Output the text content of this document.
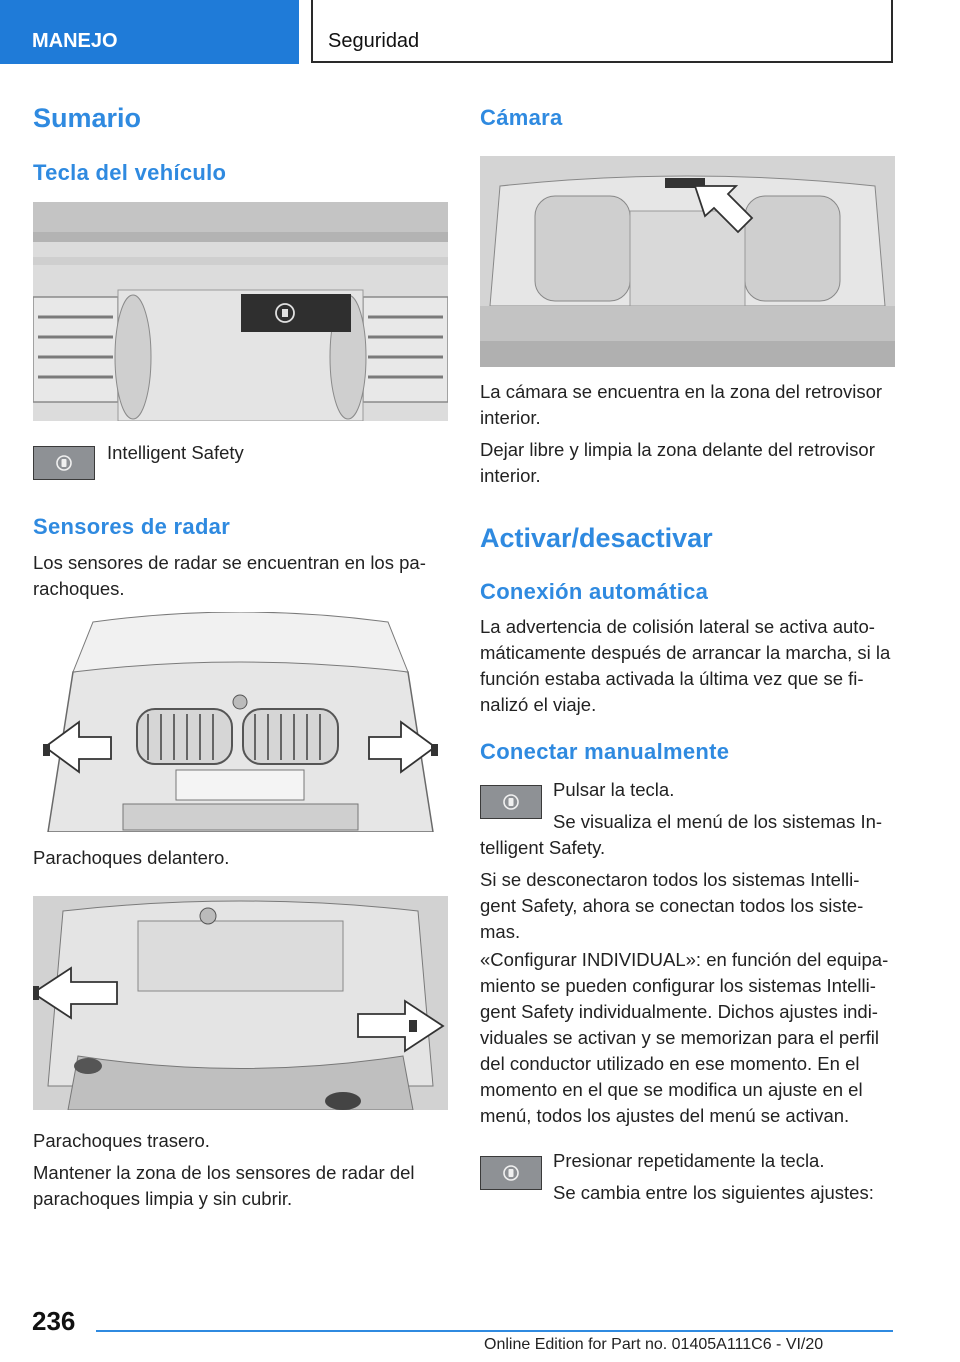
MANEJO	Seguridad
Sumario
Tecla del vehículo
Intelligent Safety
Sensores de radar
Los sensores de radar se encuentran en los pa-rachoques.
Parachoques delantero.
Parachoques trasero.
Mantener la zona de los sensores de radar del parachoques limpia y sin cubrir.
Cámara
La cámara se encuentra en la zona del retrovisor interior.
Dejar libre y limpia la zona delante del retrovisor interior.
Activar/desactivar
Conexión automática
La advertencia de colisión lateral se activa auto-máticamente después de arrancar la marcha, si la función estaba activada la última vez que se fi-nalizó el viaje.
Conectar manualmente
Pulsar la tecla.
Se visualiza el menú de los sistemas In-
telligent Safety.
Si se desconectaron todos los sistemas Intelli-gent Safety, ahora se conectan todos los siste-mas.
«Configurar INDIVIDUAL»: en función del equipa-miento se pueden configurar los sistemas Intelli-gent Safety individualmente. Dichos ajustes indi-viduales se activan y se memorizan para el perfil del conductor utilizado en ese momento. En el momento en el que se modifica un ajuste en el menú, todos los ajustes del menú se activan.
Presionar repetidamente la tecla.
Se cambia entre los siguientes ajustes:
236
Online Edition for Part no. 01405A111C6 - VI/20
